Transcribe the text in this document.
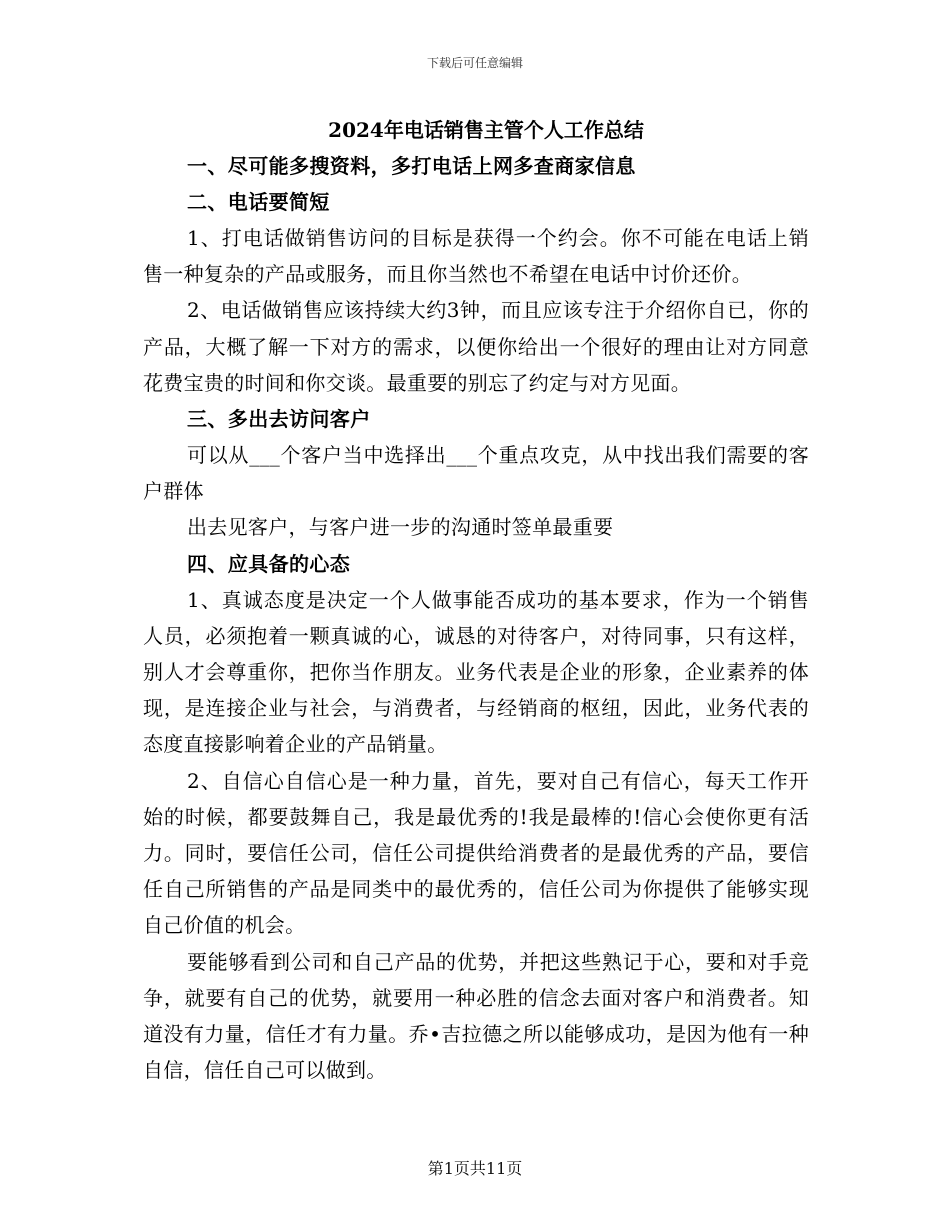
下载后可任意编辑
2024年电话销售主管个人工作总结

一、尽可能多搜资料，多打电话上网多查商家信息

二、电话要简短

1、打电话做销售访问的目标是获得一个约会。你不可能在电话上销售一种复杂的产品或服务，而且你当然也不希望在电话中讨价还价。

2、电话做销售应该持续大约3钟，而且应该专注于介绍你自已，你的产品，大概了解一下对方的需求，以便你给出一个很好的理由让对方同意花费宝贵的时间和你交谈。最重要的别忘了约定与对方见面。

三、多出去访问客户

可以从___个客户当中选择出___个重点攻克，从中找出我们需要的客户群体

出去见客户，与客户进一步的沟通时签单最重要

四、应具备的心态

1、真诚态度是决定一个人做事能否成功的基本要求，作为一个销售人员，必须抱着一颗真诚的心，诚恳的对待客户，对待同事，只有这样，别人才会尊重你，把你当作朋友。业务代表是企业的形象，企业素养的体现，是连接企业与社会，与消费者，与经销商的枢纽，因此，业务代表的态度直接影响着企业的产品销量。

2、自信心自信心是一种力量，首先，要对自己有信心，每天工作开始的时候，都要鼓舞自己，我是最优秀的!我是最棒的!信心会使你更有活力。同时，要信任公司，信任公司提供给消费者的是最优秀的产品，要信任自己所销售的产品是同类中的最优秀的，信任公司为你提供了能够实现自己价值的机会。

要能够看到公司和自己产品的优势，并把这些熟记于心，要和对手竞争，就要有自己的优势，就要用一种必胜的信念去面对客户和消费者。知道没有力量，信任才有力量。乔•吉拉德之所以能够成功，是因为他有一种自信，信任自己可以做到。

第1页共11页
